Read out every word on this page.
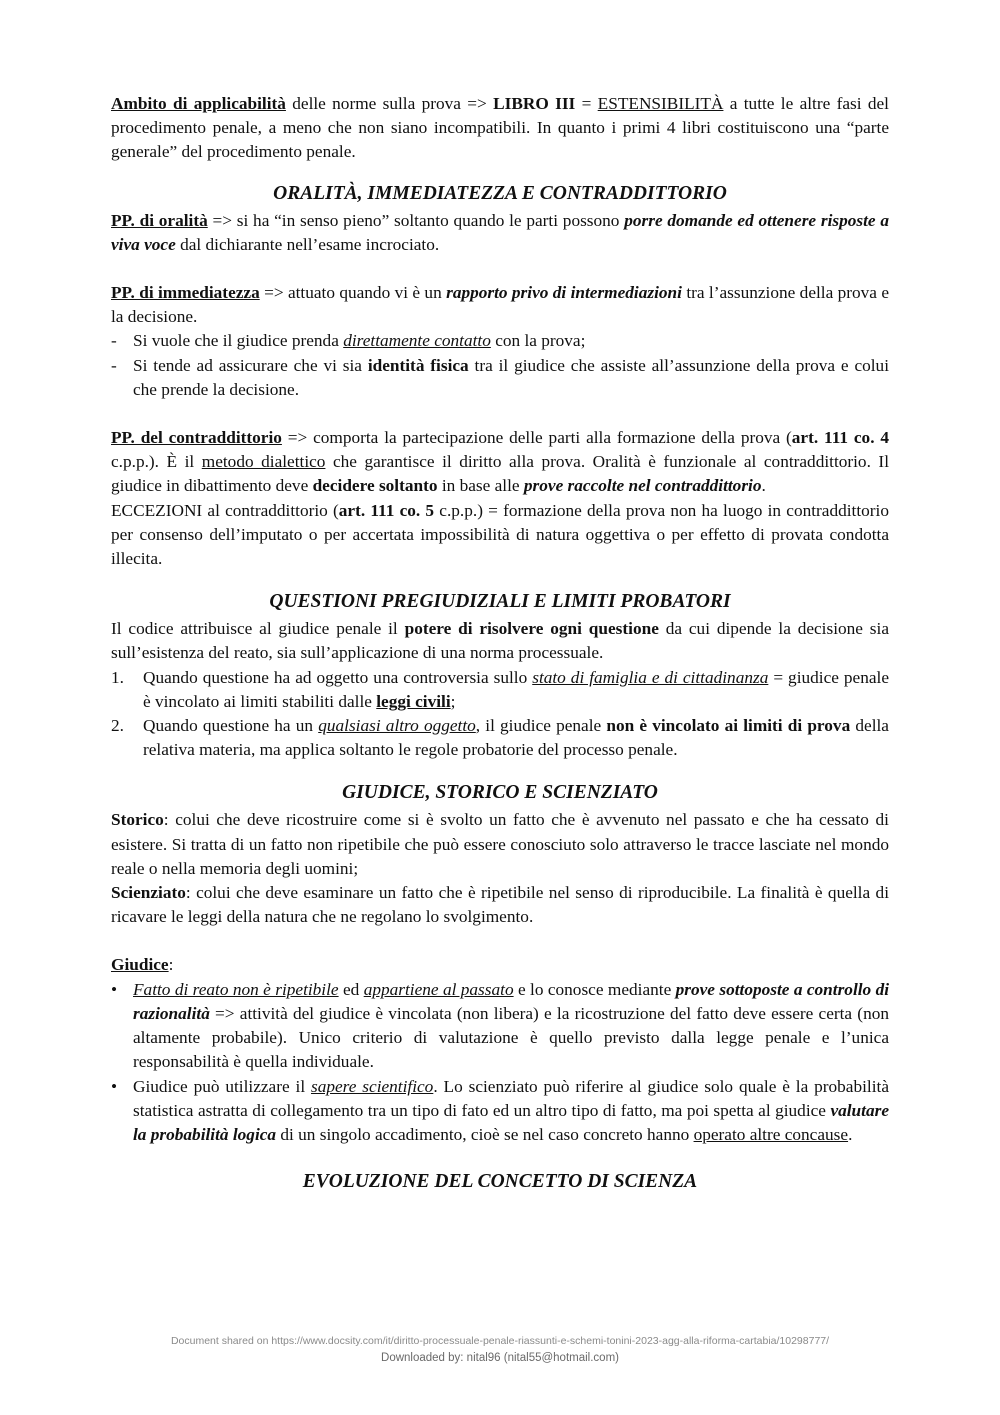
Ambito di applicabilità delle norme sulla prova => LIBRO III = ESTENSIBILITÀ a tutte le altre fasi del procedimento penale, a meno che non siano incompatibili. In quanto i primi 4 libri costituiscono una “parte generale” del procedimento penale.

ORALITÀ, IMMEDIATEZZA E CONTRADDITTORIO

PP. di oralità => si ha “in senso pieno” soltanto quando le parti possono porre domande ed ottenere risposte a viva voce dal dichiarante nell’esame incrociato.

PP. di immediatezza => attuato quando vi è un rapporto privo di intermediazioni tra l’assunzione della prova e la decisione.

- Si vuole che il giudice prenda direttamente contatto con la prova;
- Si tende ad assicurare che vi sia identità fisica tra il giudice che assiste all’assunzione della prova e colui che prende la decisione.

PP. del contraddittorio => comporta la partecipazione delle parti alla formazione della prova (art. 111 co. 4 c.p.p.). È il metodo dialettico che garantisce il diritto alla prova. Oralità è funzionale al contraddittorio. Il giudice in dibattimento deve decidere soltanto in base alle prove raccolte nel contraddittorio.

ECCEZIONI al contraddittorio (art. 111 co. 5 c.p.p.) = formazione della prova non ha luogo in contraddittorio per consenso dell’imputato o per accertata impossibilità di natura oggettiva o per effetto di provata condotta illecita.

QUESTIONI PREGIUDIZIALI E LIMITI PROBATORI

Il codice attribuisce al giudice penale il potere di risolvere ogni questione da cui dipende la decisione sia sull’esistenza del reato, sia sull’applicazione di una norma processuale.

1. Quando questione ha ad oggetto una controversia sullo stato di famiglia e di cittadinanza = giudice penale è vincolato ai limiti stabiliti dalle leggi civili;
2. Quando questione ha un qualsiasi altro oggetto, il giudice penale non è vincolato ai limiti di prova della relativa materia, ma applica soltanto le regole probatorie del processo penale.
GIUDICE, STORICO E SCIENZIATO

Storico: colui che deve ricostruire come si è svolto un fatto che è avvenuto nel passato e che ha cessato di esistere. Si tratta di un fatto non ripetibile che può essere conosciuto solo attraverso le tracce lasciate nel mondo reale o nella memoria degli uomini;

Scienziato: colui che deve esaminare un fatto che è ripetibile nel senso di riproducibile. La finalità è quella di ricavare le leggi della natura che ne regolano lo svolgimento.

Giudice:

• Fatto di reato non è ripetibile ed appartiene al passato e lo conosce mediante prove sottoposte a controllo di razionalità => attività del giudice è vincolata (non libera) e la ricostruzione del fatto deve essere certa (non altamente probabile). Unico criterio di valutazione è quello previsto dalla legge penale e l’unica responsabilità è quella individuale.
• Giudice può utilizzare il sapere scientifico. Lo scienziato può riferire al giudice solo quale è la probabilità statistica astratta di collegamento tra un tipo di fato ed un altro tipo di fatto, ma poi spetta al giudice valutare la probabilità logica di un singolo accadimento, cioè se nel caso concreto hanno operato altre concause.
EVOLUZIONE DEL CONCETTO DI SCIENZA
Document shared on https://www.docsity.com/it/diritto-processuale-penale-riassunti-e-schemi-tonini-2023-agg-alla-riforma-cartabia/10298777/
Downloaded by: nital96 (nital55@hotmail.com)
